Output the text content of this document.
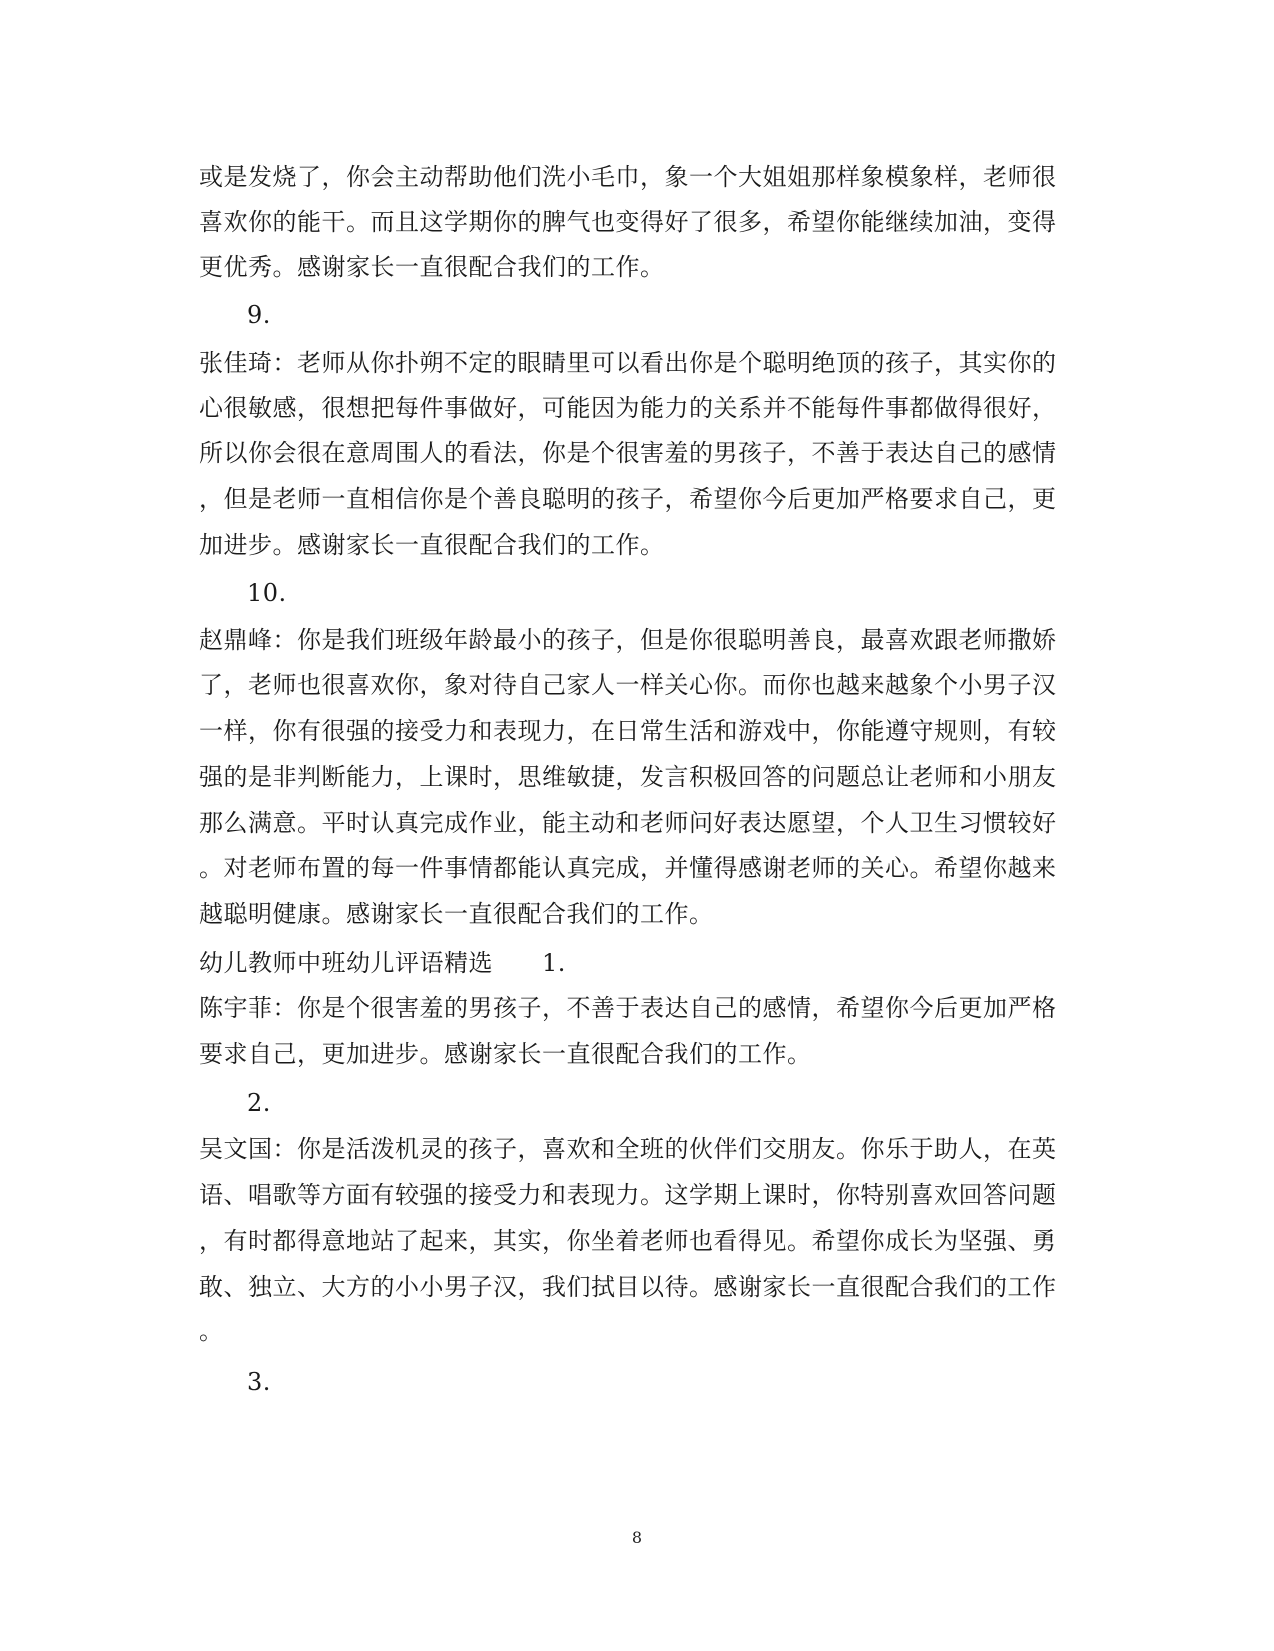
或是发烧了，你会主动帮助他们洗小毛巾，象一个大姐姐那样象模象样，老师很
喜欢你的能干。而且这学期你的脾气也变得好了很多，希望你能继续加油，变得
更优秀。感谢家长一直很配合我们的工作。
9.
张佳琦：老师从你扑朔不定的眼睛里可以看出你是个聪明绝顶的孩子，其实你的
心很敏感，很想把每件事做好，可能因为能力的关系并不能每件事都做得很好，
所以你会很在意周围人的看法，你是个很害羞的男孩子，不善于表达自己的感情
，但是老师一直相信你是个善良聪明的孩子，希望你今后更加严格要求自己，更
加进步。感谢家长一直很配合我们的工作。
10.
赵鼎峰：你是我们班级年龄最小的孩子，但是你很聪明善良，最喜欢跟老师撒娇
了，老师也很喜欢你，象对待自己家人一样关心你。而你也越来越象个小男子汉
一样，你有很强的接受力和表现力，在日常生活和游戏中，你能遵守规则，有较
强的是非判断能力，上课时，思维敏捷，发言积极回答的问题总让老师和小朋友
那么满意。平时认真完成作业，能主动和老师问好表达愿望，个人卫生习惯较好
。对老师布置的每一件事情都能认真完成，并懂得感谢老师的关心。希望你越来
越聪明健康。感谢家长一直很配合我们的工作。
幼儿教师中班幼儿评语精选　　1.
陈宇菲：你是个很害羞的男孩子，不善于表达自己的感情，希望你今后更加严格
要求自己，更加进步。感谢家长一直很配合我们的工作。
2.
吴文国：你是活泼机灵的孩子，喜欢和全班的伙伴们交朋友。你乐于助人，在英
语、唱歌等方面有较强的接受力和表现力。这学期上课时，你特别喜欢回答问题
，有时都得意地站了起来，其实，你坐着老师也看得见。希望你成长为坚强、勇
敢、独立、大方的小小男子汉，我们拭目以待。感谢家长一直很配合我们的工作
。
3.
8
